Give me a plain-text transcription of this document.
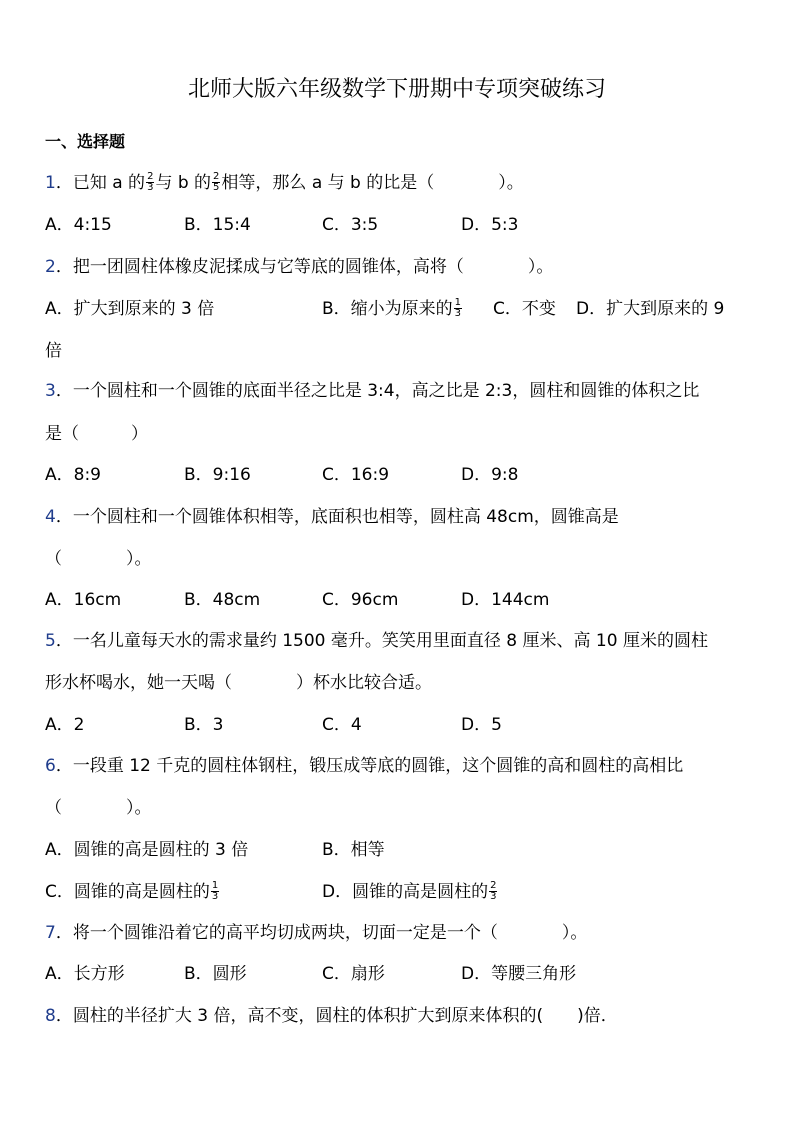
北师大版六年级数学下册期中专项突破练习
一、选择题
1．已知 a 的 $\frac{2}{3}$ 与 b 的 $\frac{2}{5}$ 相等，那么 a 与 b 的比是（	）。
A．4:15	B．15:4	C．3:5	D．5:3
2．把一团圆柱体橡皮泥揉成与它等底的圆锥体，高将（	）。
A．扩大到原来的 3 倍	B．缩小为原来的 $\frac{1}{3}$ C．不变 D．扩大到原来的 9
倍
3．一个圆柱和一个圆锥的底面半径之比是 3:4，高之比是 2:3，圆柱和圆锥的体积之比
是（	）
A．8:9	B．9:16	C．16:9	D．9:8
4．一个圆柱和一个圆锥体积相等，底面积也相等，圆柱高 48cm，圆锥高是
（	）。
A．16cm	B．48cm	C．96cm	D．144cm
5．一名儿童每天水的需求量约 1500 毫升。笑笑用里面直径 8 厘米、高 10 厘米的圆柱
形水杯喝水，她一天喝（	）杯水比较合适。
A．2	B．3	C．4	D．5
6．一段重 12 千克的圆柱体钢柱，锻压成等底的圆锥，这个圆锥的高和圆柱的高相比
（	）。
A．圆锥的高是圆柱的 3 倍	B．相等
C．圆锥的高是圆柱的 $\frac{1}{3}$	D．圆锥的高是圆柱的 $\frac{2}{3}$
7．将一个圆锥沿着它的高平均切成两块，切面一定是一个（	）。
A．长方形	B．圆形	C．扇形	D．等腰三角形
8．圆柱的半径扩大 3 倍，高不变，圆柱的体积扩大到原来体积的( )倍．
